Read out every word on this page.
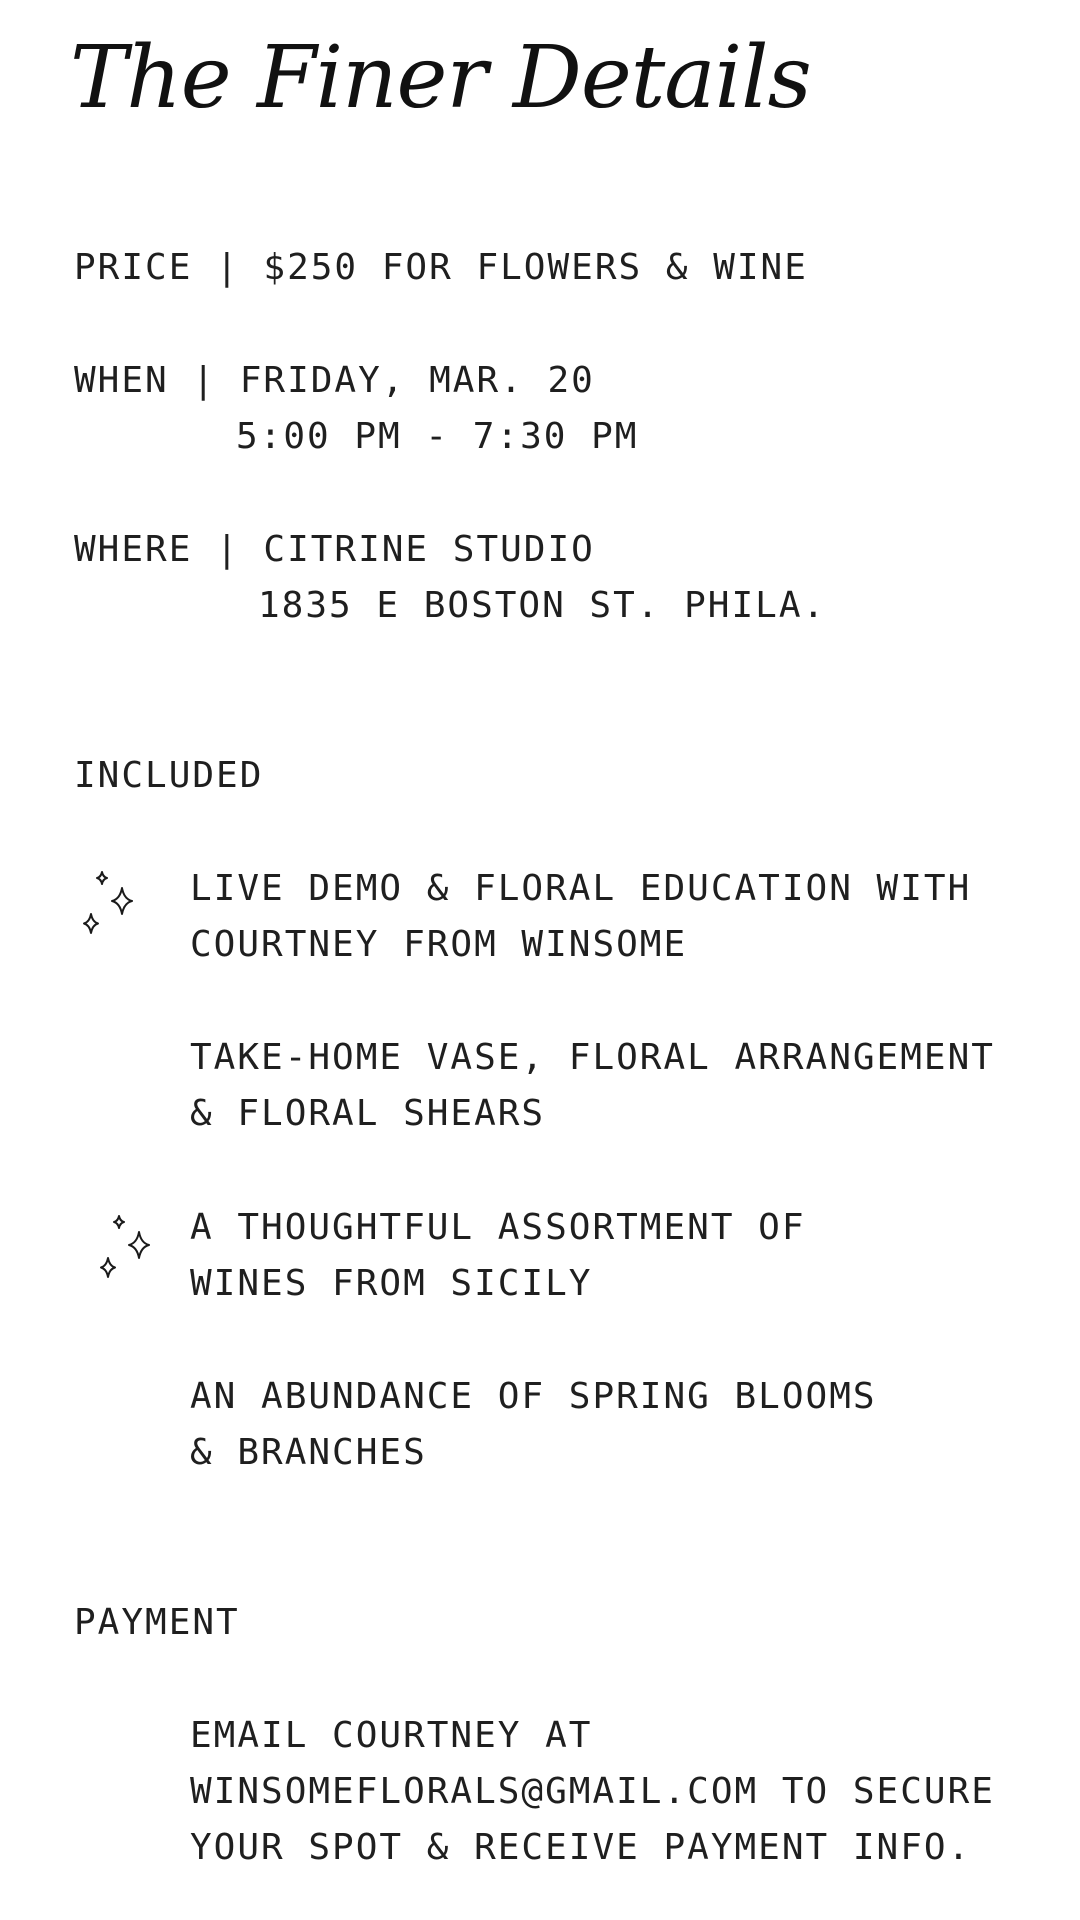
The Finer Details

PRICE | $250 FOR FLOWERS & WINE

WHEN | FRIDAY, MAR. 20

5:00 PM - 7:30 PM

WHERE | CITRINE STUDIO

1835 E BOSTON ST. PHILA.

INCLUDED

LIVE DEMO & FLORAL EDUCATION WITH

COURTNEY FROM WINSOME

TAKE-HOME VASE, FLORAL ARRANGEMENT

& FLORAL SHEARS

A THOUGHTFUL ASSORTMENT OF

WINES FROM SICILY

AN ABUNDANCE OF SPRING BLOOMS

& BRANCHES

PAYMENT

EMAIL COURTNEY AT

WINSOMEFLORALS@GMAIL.COM TO SECURE

YOUR SPOT & RECEIVE PAYMENT INFO.
